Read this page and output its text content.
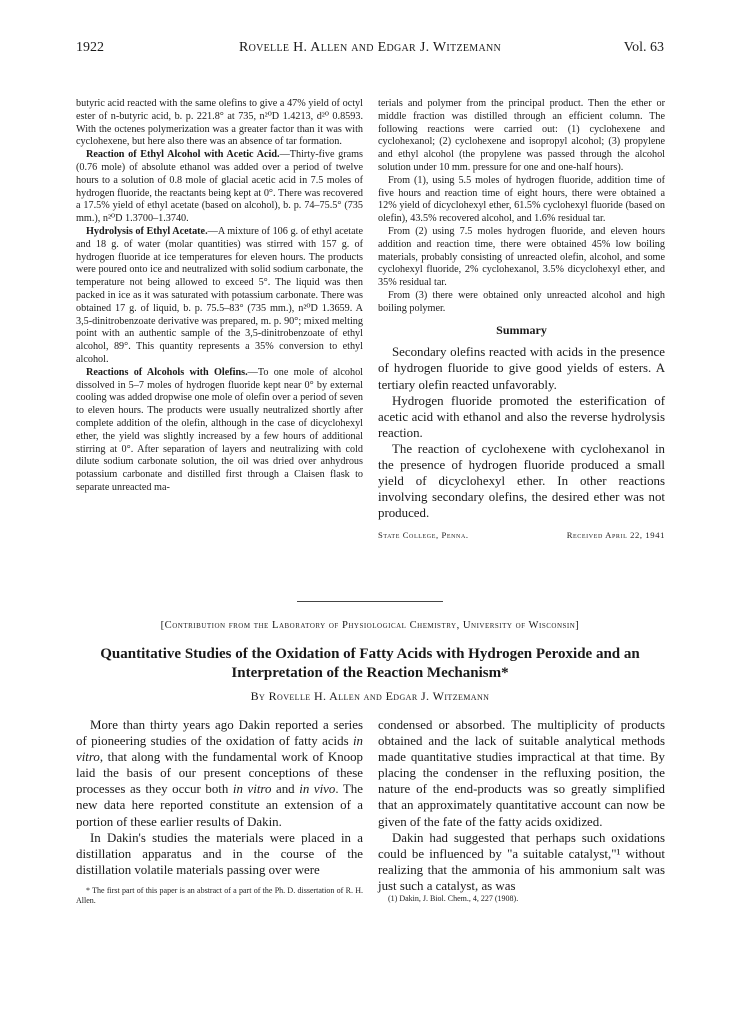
1922	Rovelle H. Allen and Edgar J. Witzemann	Vol. 63

butyric acid reacted with the same olefins to give a 47% yield of octyl ester of n-butyric acid, b. p. 221.8° at 735, n²⁰D 1.4213, d²⁰ 0.8593. With the octenes polymerization was a greater factor than it was with cyclohexene, but here also there was an absence of tar formation.

Reaction of Ethyl Alcohol with Acetic Acid.—Thirty-five grams (0.76 mole) of absolute ethanol was added over a period of twelve hours to a solution of 0.8 mole of glacial acetic acid in 7.5 moles of hydrogen fluoride, the reactants being kept at 0°. There was recovered a 17.5% yield of ethyl acetate (based on alcohol), b. p. 74–75.5° (735 mm.), n²⁰D 1.3700–1.3740.

Hydrolysis of Ethyl Acetate.—A mixture of 106 g. of ethyl acetate and 18 g. of water (molar quantities) was stirred with 157 g. of hydrogen fluoride at ice temperatures for eleven hours. The products were poured onto ice and neutralized with solid sodium carbonate, the temperature not being allowed to exceed 5°. The liquid was then packed in ice as it was saturated with potassium carbonate. There was obtained 17 g. of liquid, b. p. 75.5–83° (735 mm.), n²⁰D 1.3659. A 3,5-dinitrobenzoate derivative was prepared, m. p. 90°; mixed melting point with an authentic sample of the 3,5-dinitrobenzoate of ethyl alcohol, 89°. This quantity represents a 35% conversion to ethyl alcohol.

Reactions of Alcohols with Olefins.—To one mole of alcohol dissolved in 5–7 moles of hydrogen fluoride kept near 0° by external cooling was added dropwise one mole of olefin over a period of seven to eleven hours. The products were usually neutralized shortly after complete addition of the olefin, although in the case of dicyclohexyl ether, the yield was slightly increased by a few hours of additional stirring at 0°. After separation of layers and neutralizing with cold dilute sodium carbonate solution, the oil was dried over anhydrous potassium carbonate and distilled first through a Claisen flask to separate unreacted ma-

terials and polymer from the principal product. Then the ether or middle fraction was distilled through an efficient column. The following reactions were carried out: (1) cyclohexene and cyclohexanol; (2) cyclohexene and isopropyl alcohol; (3) propylene and ethyl alcohol (the propylene was passed through the alcohol solution under 10 mm. pressure for one and one-half hours).

From (1), using 5.5 moles of hydrogen fluoride, addition time of five hours and reaction time of eight hours, there were obtained a 12% yield of dicyclohexyl ether, 61.5% cyclohexyl fluoride (based on olefin), 43.5% recovered alcohol, and 1.6% residual tar.

From (2) using 7.5 moles hydrogen fluoride, and eleven hours addition and reaction time, there were obtained 45% low boiling materials, probably consisting of unreacted olefin, alcohol, and some cyclohexyl fluoride, 2% cyclohexanol, 3.5% dicyclohexyl ether, and 35% residual tar.

From (3) there were obtained only unreacted alcohol and high boiling polymer.

Summary

Secondary olefins reacted with acids in the presence of hydrogen fluoride to give good yields of esters. A tertiary olefin reacted unfavorably.

Hydrogen fluoride promoted the esterification of acetic acid with ethanol and also the reverse hydrolysis reaction.

The reaction of cyclohexene with cyclohexanol in the presence of hydrogen fluoride produced a small yield of dicyclohexyl ether. In other reactions involving secondary olefins, the desired ether was not produced.

State College, Penna.	Received April 22, 1941

[Contribution from the Laboratory of Physiological Chemistry, University of Wisconsin]
Quantitative Studies of the Oxidation of Fatty Acids with Hydrogen Peroxide and an
Interpretation of the Reaction Mechanism*
By Rovelle H. Allen and Edgar J. Witzemann

More than thirty years ago Dakin reported a series of pioneering studies of the oxidation of fatty acids in vitro, that along with the fundamental work of Knoop laid the basis of our present conceptions of these processes as they occur both in vitro and in vivo. The new data here reported constitute an extension of a portion of these earlier results of Dakin.

In Dakin's studies the materials were placed in a distillation apparatus and in the course of the distillation volatile materials passing over were

* The first part of this paper is an abstract of a part of the Ph. D. dissertation of R. H. Allen.

condensed or absorbed. The multiplicity of products obtained and the lack of suitable analytical methods made quantitative studies impractical at that time. By placing the condenser in the refluxing position, the nature of the end-products was so greatly simplified that an approximately quantitative account can now be given of the fate of the fatty acids oxidized.

Dakin had suggested that perhaps such oxidations could be influenced by "a suitable catalyst,"¹ without realizing that the ammonia of his ammonium salt was just such a catalyst, as was

(1) Dakin, J. Biol. Chem., 4, 227 (1908).
